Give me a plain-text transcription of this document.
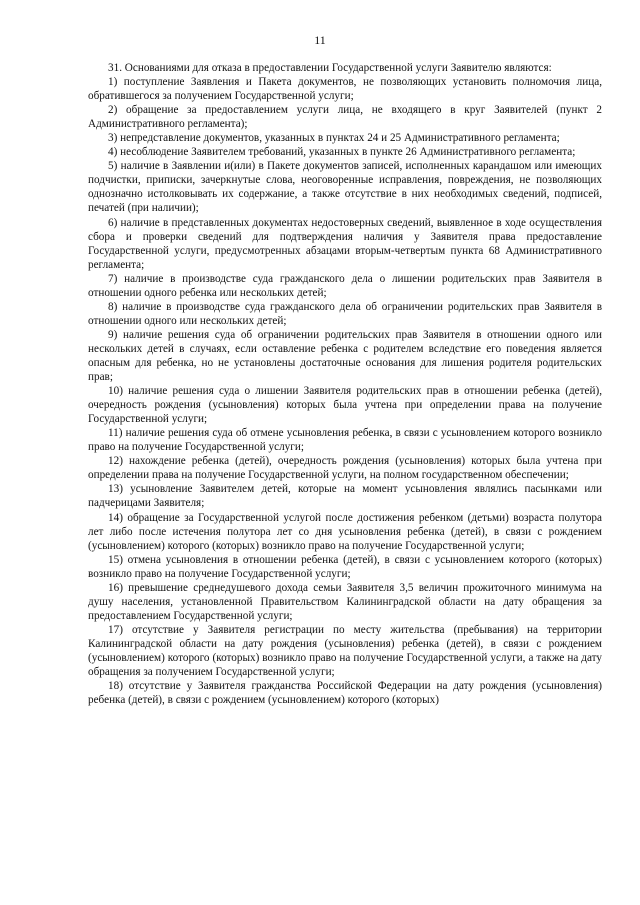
11

31. Основаниями для отказа в предоставлении Государственной услуги Заявителю являются:

1) поступление Заявления и Пакета документов, не позволяющих установить полномочия лица, обратившегося за получением Государственной услуги;

2) обращение за предоставлением услуги лица, не входящего в круг Заявителей (пункт 2 Административного регламента);

3) непредставление документов, указанных в пунктах 24 и 25 Административного регламента;

4) несоблюдение Заявителем требований, указанных в пункте 26 Административного регламента;

5) наличие в Заявлении и(или) в Пакете документов записей, исполненных карандашом или имеющих подчистки, приписки, зачеркнутые слова, неоговоренные исправления, повреждения, не позволяющих однозначно истолковывать их содержание, а также отсутствие в них необходимых сведений, подписей, печатей (при наличии);

6) наличие в представленных документах недостоверных сведений, выявленное в ходе осуществления сбора и проверки сведений для подтверждения наличия у Заявителя права предоставление Государственной услуги, предусмотренных абзацами вторым-четвертым пункта 68 Административного регламента;

7) наличие в производстве суда гражданского дела о лишении родительских прав Заявителя в отношении одного ребенка или нескольких детей;

8) наличие в производстве суда гражданского дела об ограничении родительских прав Заявителя в отношении одного или нескольких детей;

9) наличие решения суда об ограничении родительских прав Заявителя в отношении одного или нескольких детей в случаях, если оставление ребенка с родителем вследствие его поведения является опасным для ребенка, но не установлены достаточные основания для лишения родителя родительских прав;

10) наличие решения суда о лишении Заявителя родительских прав в отношении ребенка (детей), очередность рождения (усыновления) которых была учтена при определении права на получение Государственной услуги;

11) наличие решения суда об отмене усыновления ребенка, в связи с усыновлением которого возникло право на получение Государственной услуги;

12) нахождение ребенка (детей), очередность рождения (усыновления) которых была учтена при определении права на получение Государственной услуги, на полном государственном обеспечении;

13) усыновление Заявителем детей, которые на момент усыновления являлись пасынками или падчерицами Заявителя;

14) обращение за Государственной услугой после достижения ребенком (детьми) возраста полутора лет либо после истечения полутора лет со дня усыновления ребенка (детей), в связи с рождением (усыновлением) которого (которых) возникло право на получение Государственной услуги;

15) отмена усыновления в отношении ребенка (детей), в связи с усыновлением которого (которых) возникло право на получение Государственной услуги;

16) превышение среднедушевого дохода семьи Заявителя 3,5 величин прожиточного минимума на душу населения, установленной Правительством Калининградской области на дату обращения за предоставлением Государственной услуги;

17) отсутствие у Заявителя регистрации по месту жительства (пребывания) на территории Калининградской области на дату рождения (усыновления) ребенка (детей), в связи с рождением (усыновлением) которого (которых) возникло право на получение Государственной услуги, а также на дату обращения за получением Государственной услуги;

18) отсутствие у Заявителя гражданства Российской Федерации на дату рождения (усыновления) ребенка (детей), в связи с рождением (усыновлением) которого (которых)
